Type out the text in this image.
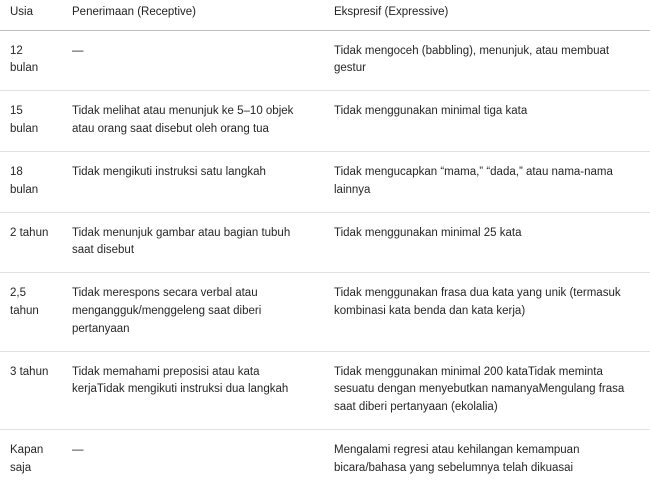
Usia	Penerimaan (Receptive)	Ekspresif (Expressive)
12 bulan	—	Tidak mengoceh (babbling), menunjuk, atau membuat gestur
15 bulan	Tidak melihat atau menunjuk ke 5–10 objek atau orang saat disebut oleh orang tua	Tidak menggunakan minimal tiga kata
18 bulan	Tidak mengikuti instruksi satu langkah	Tidak mengucapkan “mama,” “dada,” atau nama-nama lainnya
2 tahun	Tidak menunjuk gambar atau bagian tubuh saat disebut	Tidak menggunakan minimal 25 kata
2,5 tahun	Tidak merespons secara verbal atau mengangguk/menggeleng saat diberi pertanyaan	Tidak menggunakan frasa dua kata yang unik (termasuk kombinasi kata benda dan kata kerja)
3 tahun	Tidak memahami preposisi atau kata kerjaTidak mengikuti instruksi dua langkah	Tidak menggunakan minimal 200 kataTidak meminta sesuatu dengan menyebutkan namanyaMengulang frasa saat diberi pertanyaan (ekolalia)
Kapan saja	—	Mengalami regresi atau kehilangan kemampuan bicara/bahasa yang sebelumnya telah dikuasai
